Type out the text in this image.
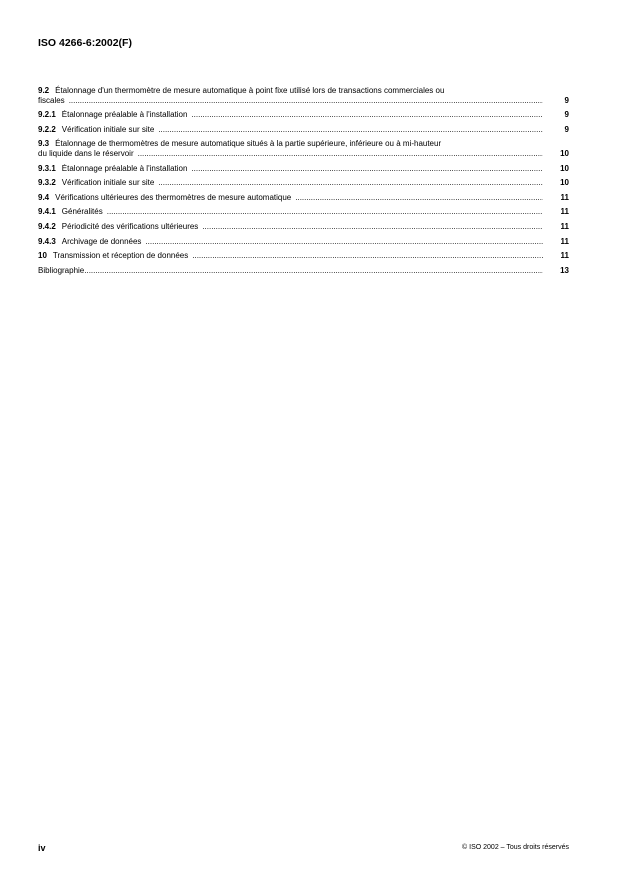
ISO 4266-6:2002(F)
9.2 Étalonnage d'un thermomètre de mesure automatique à point fixe utilisé lors de transactions commerciales ou
fiscales .....	9
9.2.1 Étalonnage préalable à l'installation .....	9
9.2.2 Vérification initiale sur site .....	9
9.3 Étalonnage de thermomètres de mesure automatique situés à la partie supérieure, inférieure ou à mi-hauteur
du liquide dans le réservoir .....	10
9.3.1 Étalonnage préalable à l'installation .....	10
9.3.2 Vérification initiale sur site .....	10
9.4 Vérifications ultérieures des thermomètres de mesure automatique .....	11
9.4.1 Généralités .....	11
9.4.2 Périodicité des vérifications ultérieures .....	11
9.4.3 Archivage de données .....	11
10 Transmission et réception de données .....	11
Bibliographie .....	13
iv	© ISO 2002 – Tous droits réservés
